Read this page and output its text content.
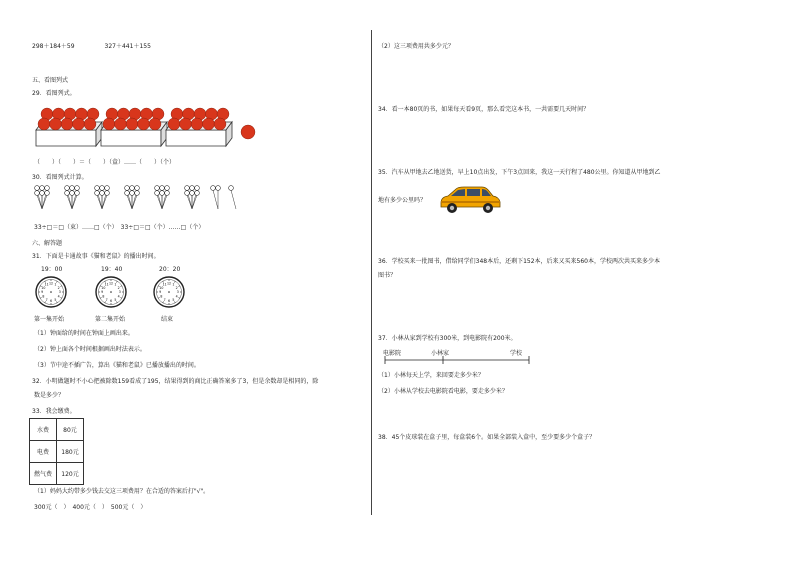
298＋184＋59　　　　　327＋441＋155
五、看图列式
29．看图列式。
（　　）（　　）＝（　　）（盒）……（　　）（个）
30．看图列式计算。
33÷□＝□（束）……□（个）　33÷□＝□（个）……□（个）
六、解答题
31．下面是卡通故事《猫和老鼠》的播出时间。
19：00	19：40	20：20
12 1
2
3
4
5
6
7
8
9
10
11	12 1
2
3
4
5
6
7
8
9
10
11	12 1
2
3
4
5
6
7
8
9
10
11
第一集开始	第二集开始	结束
（1）钟面给的时间在钟面上画出来。
（2）钟上面各个时间根据画出时法表示。
（3）节中途不插广告，算出《猫和老鼠》已播放播出的时间。
32．小明做题时不小心把被除数159看成了195，结果得到的商比正确答案多了3，但是余数却是相同的，除
数是多少？
33．我会缴费。
水费	80元
电费	180元
燃气费	120元
（1）妈妈大约带多少钱去交这三项费用？在合适的答案后打"√"。
300元（　）　400元（　）　500元（　）
（2）这三项费用共多少元？
34．看一本80页的书，如果每天看9页，那么看完这本书，一共需要几天时间？
35．汽车从甲地去乙地送货，早上10点出发，下午3点回来，我这一天行程了480公里。你知道从甲地到乙
地有多少公里吗？
36．学校买来一批图书，借给同学们348本后，还剩下152本，后来又买来560本，学校两次共买来多少本
图书？
37．小林从家到学校有300米，到电影院有200米。
电影院	小林家	学校
（1）小林每天上学，来回要走多少米？
（2）小林从学校去电影院看电影，要走多少米？
38．45个皮球装在盒子里，每盒装6个。如果全部装入盒中，至少要多少个盒子？
